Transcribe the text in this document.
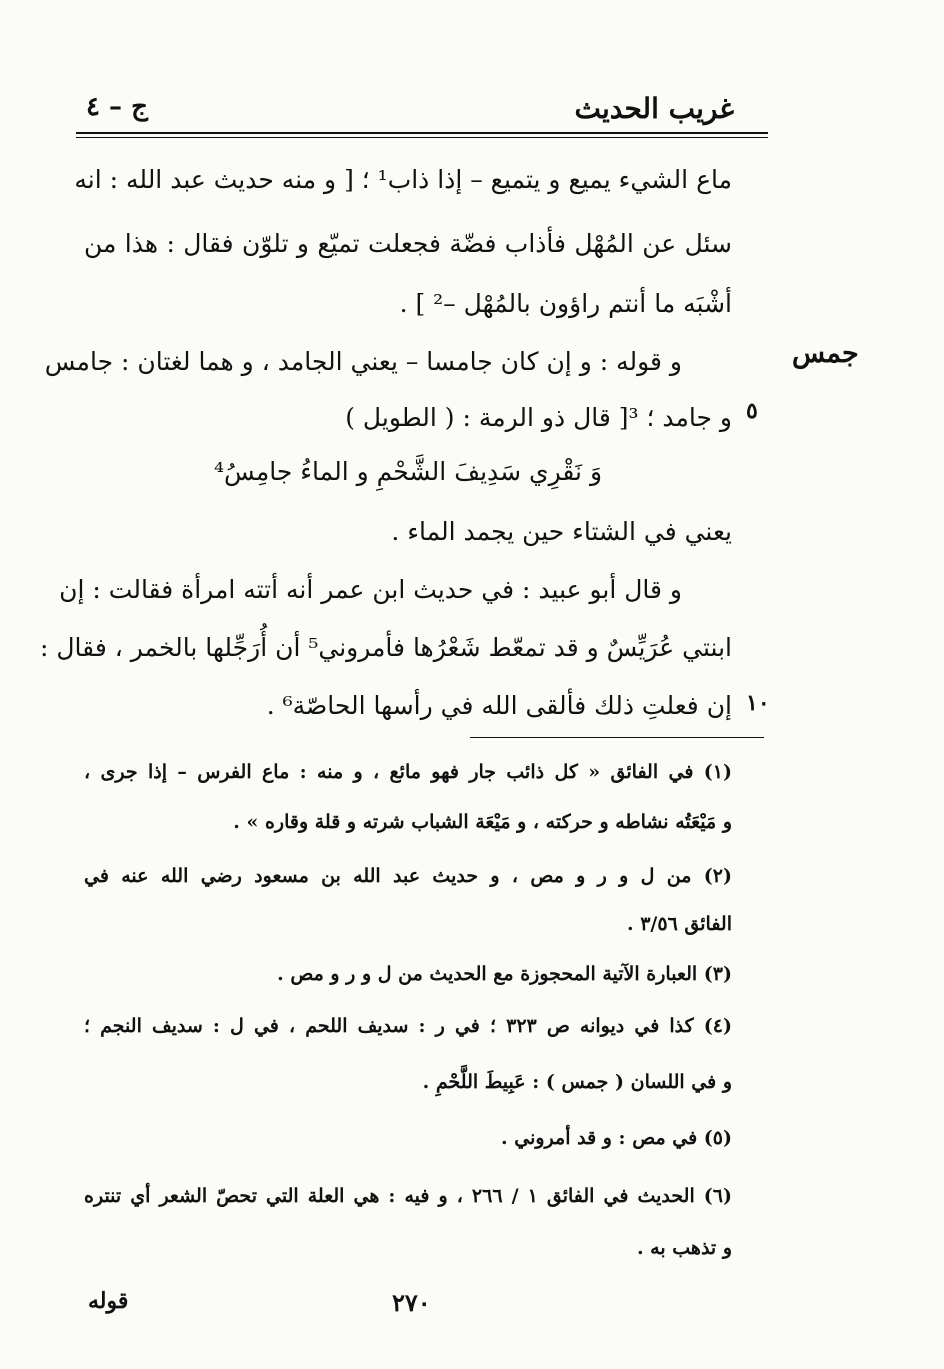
غريب الحديث
ج – ٤
جمس
٥
١٠
ماع الشيء يميع و يتميع – إذا ذاب¹ ؛ [ و منه حديث عبد الله : انه
سئل عن المُهْل فأذاب فضّة فجعلت تميّع و تلوّن فقال : هذا من
أشْبَه ما أنتم راؤون بالمُهْل –² ] .
و قوله : و إن كان جامسا – يعني الجامد ، و هما لغتان : جامس
و جامد ؛ ³[ قال ذو الرمة : ( الطويل )
وَ نَقْرِي سَدِيفَ الشَّحْمِ و الماءُ جامِسُ⁴
يعني في الشتاء حين يجمد الماء .
و قال أبو عبيد : في حديث ابن عمر أنه أتته امرأة فقالت : إن
ابنتي عُرَيِّسٌ و قد تمعّط شَعْرُها فأمروني⁵ أن أُرَجِّلها بالخمر ، فقال :
إن فعلتِ ذلك فألقى الله في رأسها الحاصّة⁶ .
(١) في الفائق « كل ذائب جار فهو مائع ، و منه : ماع الفرس – إذا جرى ،
و مَيْعَتُه نشاطه و حركته ، و مَيْعَة الشباب شرته و قلة وقاره » .
(٢) من ل و ر و مص ، و حديث عبد الله بن مسعود رضي الله عنه في
الفائق ٣/٥٦ .
(٣) العبارة الآتية المحجوزة مع الحديث من ل و ر و مص .
(٤) كذا في ديوانه ص ٣٢٣ ؛ في ر : سديف اللحم ، في ل : سديف النجم ؛
و في اللسان ( جمس ) : عَبِيطَ اللَّحْمِ .
(٥) في مص : و قد أمروني .
(٦) الحديث في الفائق ١ / ٢٦٦ ، و فيه : هي العلة التي تحصّ الشعر أي تنتره
و تذهب به .
٢٧٠
قوله
